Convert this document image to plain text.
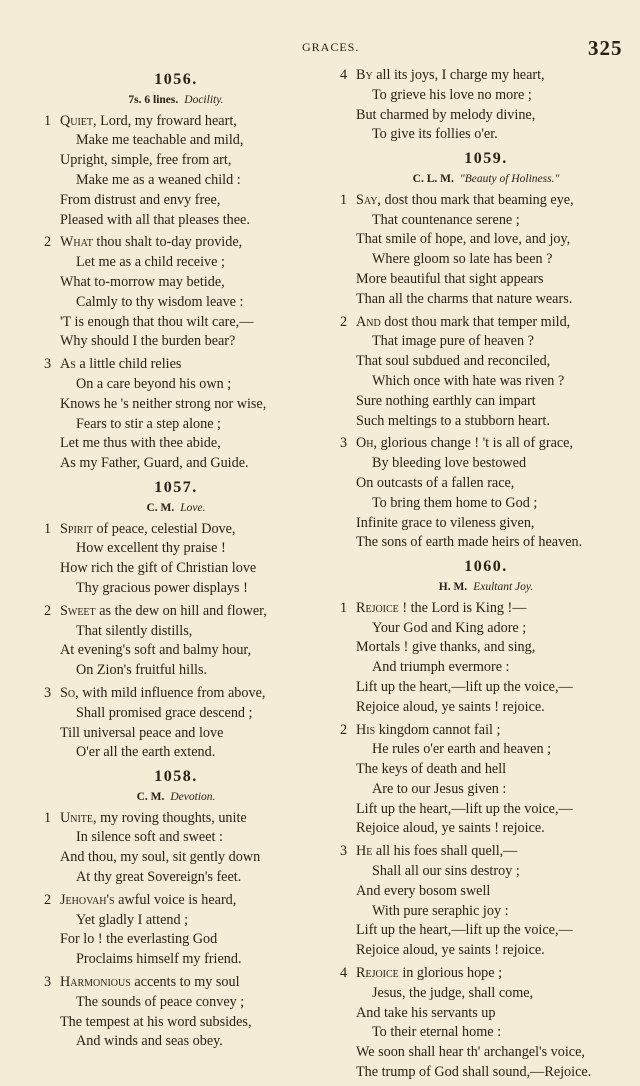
GRACES.	325
1056.
7s. 6 lines. Docility.
1 Quiet, Lord, my froward heart,
Make me teachable and mild,
Upright, simple, free from art,
Make me as a weaned child :
From distrust and envy free,
Pleased with all that pleases thee.
2 What thou shalt to-day provide,
Let me as a child receive ;
What to-morrow may betide,
Calmly to thy wisdom leave :
'T is enough that thou wilt care,—
Why should I the burden bear?
3 As a little child relies
On a care beyond his own ;
Knows he 's neither strong nor wise,
Fears to stir a step alone ;
Let me thus with thee abide,
As my Father, Guard, and Guide.
1057.
C. M. Love.
1 Spirit of peace, celestial Dove,
How excellent thy praise !
How rich the gift of Christian love
Thy gracious power displays !
2 Sweet as the dew on hill and flower,
That silently distills,
At evening's soft and balmy hour,
On Zion's fruitful hills.
3 So, with mild influence from above,
Shall promised grace descend ;
Till universal peace and love
O'er all the earth extend.
1058.
C. M. Devotion.
1 Unite, my roving thoughts, unite
In silence soft and sweet :
And thou, my soul, sit gently down
At thy great Sovereign's feet.
2 Jehovah's awful voice is heard,
Yet gladly I attend ;
For lo ! the everlasting God
Proclaims himself my friend.
3 Harmonious accents to my soul
The sounds of peace convey ;
The tempest at his word subsides,
And winds and seas obey.
4 By all its joys, I charge my heart,
To grieve his love no more ;
But charmed by melody divine,
To give its follies o'er.
1059.
C. L. M. "Beauty of Holiness."
1 Say, dost thou mark that beaming eye,
That countenance serene ;
That smile of hope, and love, and joy,
Where gloom so late has been ?
More beautiful that sight appears
Than all the charms that nature wears.
2 And dost thou mark that temper mild,
That image pure of heaven ?
That soul subdued and reconciled,
Which once with hate was riven ?
Sure nothing earthly can impart
Such meltings to a stubborn heart.
3 Oh, glorious change ! 't is all of grace,
By bleeding love bestowed
On outcasts of a fallen race,
To bring them home to God ;
Infinite grace to vileness given,
The sons of earth made heirs of heaven.
1060.
H. M. Exultant Joy.
1 Rejoice ! the Lord is King !—
Your God and King adore ;
Mortals ! give thanks, and sing,
And triumph evermore :
Lift up the heart,—lift up the voice,—
Rejoice aloud, ye saints ! rejoice.
2 His kingdom cannot fail ;
He rules o'er earth and heaven ;
The keys of death and hell
Are to our Jesus given :
Lift up the heart,—lift up the voice,—
Rejoice aloud, ye saints ! rejoice.
3 He all his foes shall quell,—
Shall all our sins destroy ;
And every bosom swell
With pure seraphic joy :
Lift up the heart,—lift up the voice,—
Rejoice aloud, ye saints ! rejoice.
4 Rejoice in glorious hope ;
Jesus, the judge, shall come,
And take his servants up
To their eternal home :
We soon shall hear th' archangel's voice,
The trump of God shall sound,—Rejoice.
